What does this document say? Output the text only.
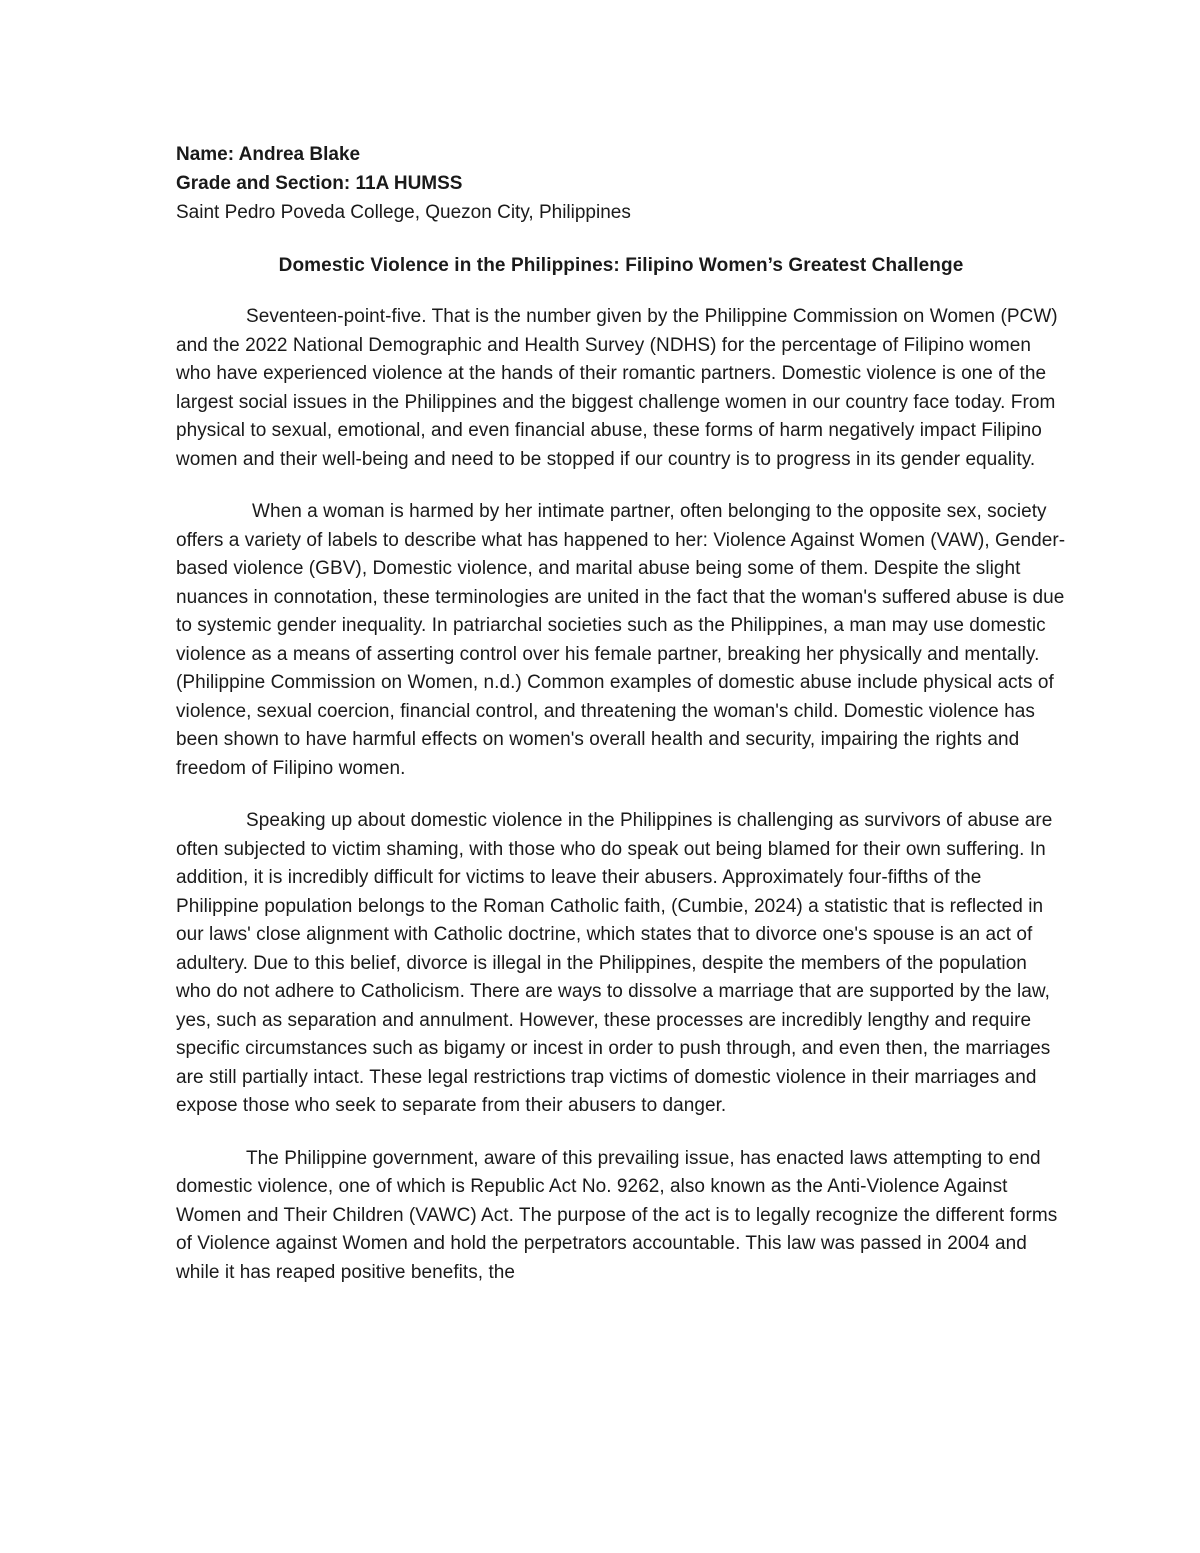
Name: Andrea Blake
Grade and Section: 11A HUMSS
Saint Pedro Poveda College, Quezon City, Philippines
Domestic Violence in the Philippines: Filipino Women’s Greatest Challenge

Seventeen-point-five. That is the number given by the Philippine Commission on Women (PCW) and the 2022 National Demographic and Health Survey (NDHS) for the percentage of Filipino women who have experienced violence at the hands of their romantic partners. Domestic violence is one of the largest social issues in the Philippines and the biggest challenge women in our country face today. From physical to sexual, emotional, and even financial abuse, these forms of harm negatively impact Filipino women and their well-being and need to be stopped if our country is to progress in its gender equality.

When a woman is harmed by her intimate partner, often belonging to the opposite sex, society offers a variety of labels to describe what has happened to her: Violence Against Women (VAW), Gender-based violence (GBV), Domestic violence, and marital abuse being some of them. Despite the slight nuances in connotation, these terminologies are united in the fact that the woman's suffered abuse is due to systemic gender inequality. In patriarchal societies such as the Philippines, a man may use domestic violence as a means of asserting control over his female partner, breaking her physically and mentally. (Philippine Commission on Women, n.d.) Common examples of domestic abuse include physical acts of violence, sexual coercion, financial control, and threatening the woman's child. Domestic violence has been shown to have harmful effects on women's overall health and security, impairing the rights and freedom of Filipino women.

Speaking up about domestic violence in the Philippines is challenging as survivors of abuse are often subjected to victim shaming, with those who do speak out being blamed for their own suffering. In addition, it is incredibly difficult for victims to leave their abusers. Approximately four-fifths of the Philippine population belongs to the Roman Catholic faith, (Cumbie, 2024) a statistic that is reflected in our laws' close alignment with Catholic doctrine, which states that to divorce one's spouse is an act of adultery. Due to this belief, divorce is illegal in the Philippines, despite the members of the population who do not adhere to Catholicism. There are ways to dissolve a marriage that are supported by the law, yes, such as separation and annulment. However, these processes are incredibly lengthy and require specific circumstances such as bigamy or incest in order to push through, and even then, the marriages are still partially intact. These legal restrictions trap victims of domestic violence in their marriages and expose those who seek to separate from their abusers to danger.

The Philippine government, aware of this prevailing issue, has enacted laws attempting to end domestic violence, one of which is Republic Act No. 9262, also known as the Anti-Violence Against Women and Their Children (VAWC) Act. The purpose of the act is to legally recognize the different forms of Violence against Women and hold the perpetrators accountable. This law was passed in 2004 and while it has reaped positive benefits, the
